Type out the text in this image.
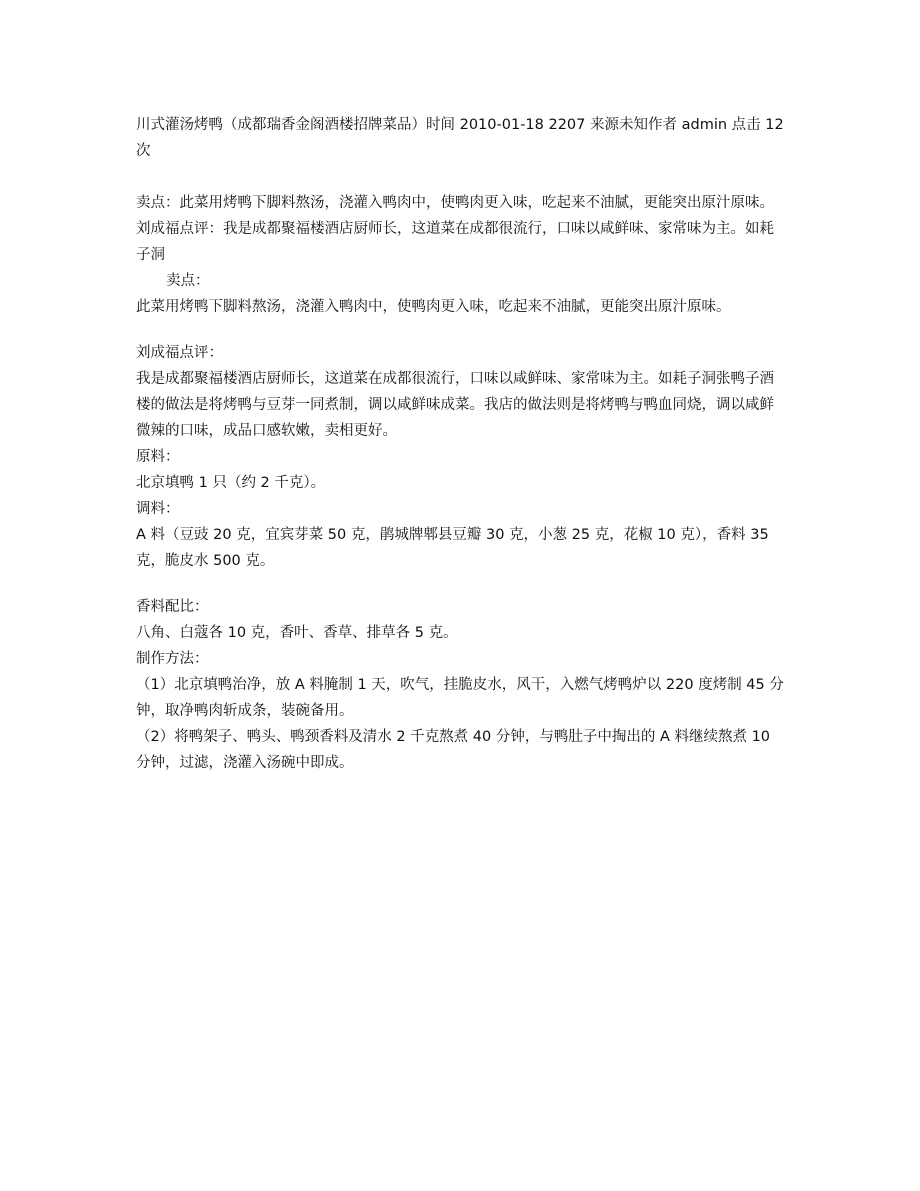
川式灌汤烤鸭（成都瑞香金阁酒楼招牌菜品）时间 2010-01-18 2207 来源未知作者 admin 点击 12 次

卖点：此菜用烤鸭下脚料熬汤，浇灌入鸭肉中，使鸭肉更入味，吃起来不油腻，更能突出原汁原味。刘成福点评：我是成都聚福楼酒店厨师长，这道菜在成都很流行，口味以咸鲜味、家常味为主。如耗子洞

卖点：

此菜用烤鸭下脚料熬汤，浇灌入鸭肉中，使鸭肉更入味，吃起来不油腻，更能突出原汁原味。

刘成福点评：

我是成都聚福楼酒店厨师长，这道菜在成都很流行，口味以咸鲜味、家常味为主。如耗子洞张鸭子酒楼的做法是将烤鸭与豆芽一同煮制，调以咸鲜味成菜。我店的做法则是将烤鸭与鸭血同烧，调以咸鲜微辣的口味，成品口感软嫩，卖相更好。

原料：

北京填鸭 1 只（约 2 千克）。

调料：

A 料（豆豉 20 克，宜宾芽菜 50 克，鹃城牌郫县豆瓣 30 克，小葱 25 克，花椒 10 克），香料 35 克，脆皮水 500 克。

香料配比：

八角、白蔻各 10 克，香叶、香草、排草各 5 克。

制作方法：

（1）北京填鸭治净，放 A 料腌制 1 天，吹气，挂脆皮水，风干，入燃气烤鸭炉以 220 度烤制 45 分钟，取净鸭肉斩成条，装碗备用。

（2）将鸭架子、鸭头、鸭颈香料及清水 2 千克熬煮 40 分钟，与鸭肚子中掏出的 A 料继续熬煮 10 分钟，过滤，浇灌入汤碗中即成。
